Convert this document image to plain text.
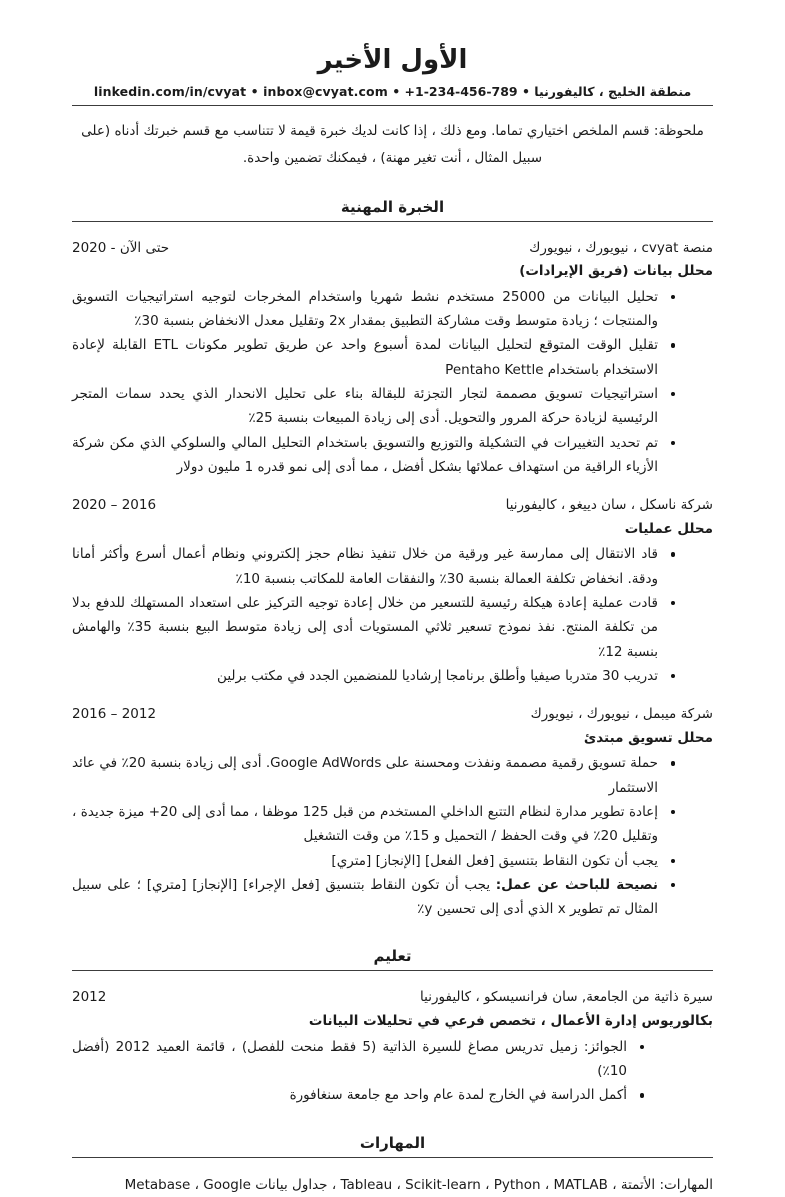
الأول الأخير
منطقة الخليج ، كاليفورنيا • 789-456-234-1+ • linkedin.com/in/cvyat • inbox@cvyat.com

ملحوظة: قسم الملخص اختياري تماما. ومع ذلك ، إذا كانت لديك خبرة قيمة لا تتناسب مع قسم خبرتك أدناه (على سبيل المثال ، أنت تغير مهنة) ، فيمكنك تضمين واحدة.

الخبرة المهنية
منصة cvyat ، نيويورك ، نيويورك
2020 - حتى الآن
محلل بيانات (فريق الإيرادات)
تحليل البيانات من 25000 مستخدم نشط شهريا واستخدام المخرجات لتوجيه استراتيجيات التسويق والمنتجات ؛ زيادة متوسط وقت مشاركة التطبيق بمقدار 2x وتقليل معدل الانخفاض بنسبة 30٪
تقليل الوقت المتوقع لتحليل البيانات لمدة أسبوع واحد عن طريق تطوير مكونات ETL القابلة لإعادة الاستخدام باستخدام Pentaho Kettle
استراتيجيات تسويق مصممة لتجار التجزئة للبقالة بناء على تحليل الانحدار الذي يحدد سمات المتجر الرئيسية لزيادة حركة المرور والتحويل. أدى إلى زيادة المبيعات بنسبة 25٪
تم تحديد التغييرات في التشكيلة والتوزيع والتسويق باستخدام التحليل المالي والسلوكي الذي مكن شركة الأزياء الراقية من استهداف عملائها بشكل أفضل ، مما أدى إلى نمو قدره 1 مليون دولار
شركة ناسكل ، سان دييغو ، كاليفورنيا
2016 – 2020
محلل عمليات
قاد الانتقال إلى ممارسة غير ورقية من خلال تنفيذ نظام حجز إلكتروني ونظام أعمال أسرع وأكثر أمانا ودقة. انخفاض تكلفة العمالة بنسبة 30٪ والنفقات العامة للمكاتب بنسبة 10٪
قادت عملية إعادة هيكلة رئيسية للتسعير من خلال إعادة توجيه التركيز على استعداد المستهلك للدفع بدلا من تكلفة المنتج. نفذ نموذج تسعير ثلاثي المستويات أدى إلى زيادة متوسط البيع بنسبة 35٪ والهامش بنسبة 12٪
تدريب 30 متدربا صيفيا وأطلق برنامجا إرشاديا للمنضمين الجدد في مكتب برلين
شركة ميبمل ، نيويورك ، نيويورك
2012 – 2016
محلل تسويق مبتدئ
حملة تسويق رقمية مصممة ونفذت ومحسنة على Google AdWords. أدى إلى زيادة بنسبة 20٪ في عائد الاستثمار
إعادة تطوير مدارة لنظام التتبع الداخلي المستخدم من قبل 125 موظفا ، مما أدى إلى 20+ ميزة جديدة ، وتقليل 20٪ في وقت الحفظ / التحميل و 15٪ من وقت التشغيل
يجب أن تكون النقاط بتنسيق [فعل الفعل] [الإنجاز] [متري]
نصيحة للباحث عن عمل: يجب أن تكون النقاط بتنسيق [فعل الإجراء] [الإنجاز] [متري] ؛ على سبيل المثال تم تطوير x الذي أدى إلى تحسين y٪
تعليم
سيرة ذاتية من الجامعة, سان فرانسيسكو ، كاليفورنيا
2012
بكالوريوس إدارة الأعمال ، تخصص فرعي في تحليلات البيانات
الجوائز: زميل تدريس مصاغ للسيرة الذاتية (5 فقط منحت للفصل) ، قائمة العميد 2012 (أفضل 10٪)
أكمل الدراسة في الخارج لمدة عام واحد مع جامعة سنغافورة
المهارات

المهارات: الأتمتة ، Tableau ، Scikit-learn ، Python ، MATLAB ، جداول بيانات Metabase ، Google
